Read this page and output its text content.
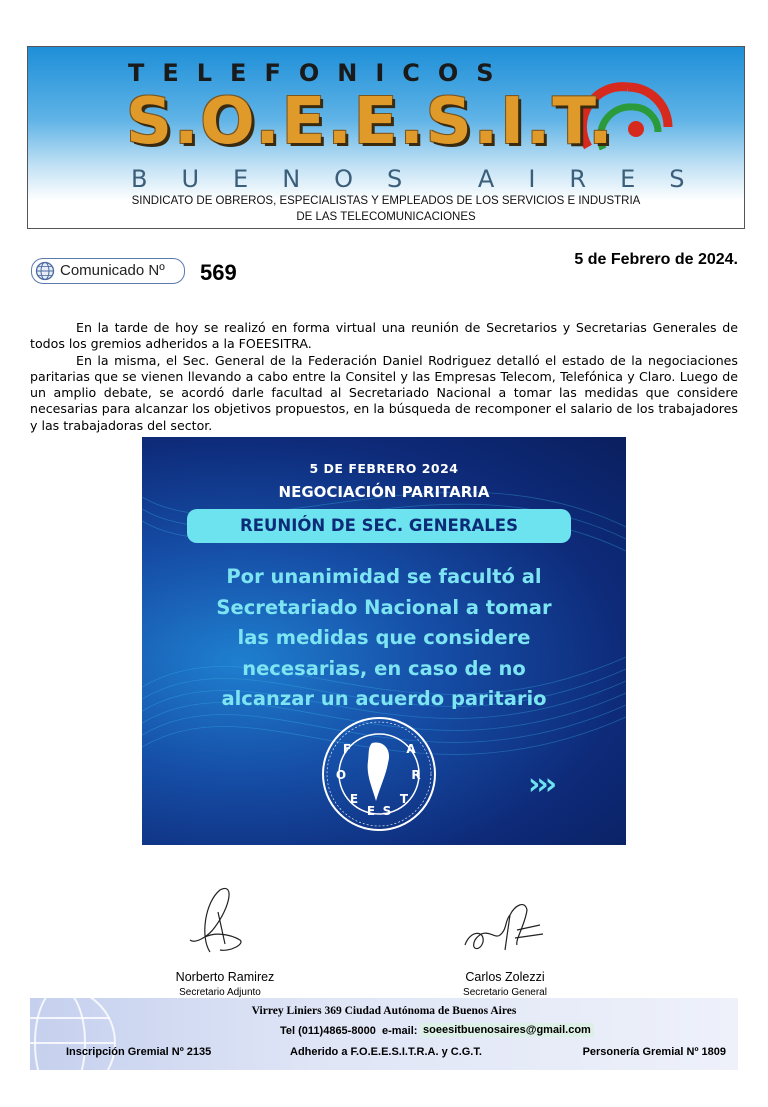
TELEFONICOS
S.O.E.E.S.I.T.
BUENOS AIRES
SINDICATO DE OBREROS, ESPECIALISTAS Y EMPLEADOS DE LOS SERVICIOS E INDUSTRIA
DE LAS TELECOMUNICACIONES
Comunicado Nº 569
5 de Febrero de 2024.

En la tarde de hoy se realizó en forma virtual una reunión de Secretarios y Secretarias Generales de todos los gremios adheridos a la FOEESITRA.

En la misma, el Sec. General de la Federación Daniel Rodriguez detalló el estado de la negociaciones paritarias que se vienen llevando a cabo entre la Consitel y las Empresas Telecom, Telefónica y Claro. Luego de un amplio debate, se acordó darle facultad al Secretariado Nacional a tomar las medidas que considere necesarias para alcanzar los objetivos propuestos, en la búsqueda de recomponer el salario de los trabajadores y las trabajadoras del sector.

5 DE FEBRERO 2024
NEGOCIACIÓN PARITARIA
REUNIÓN DE SEC. GENERALES
Por unanimidad se facultó al
Secretariado Nacional a tomar
las medidas que considere
necesarias, en caso de no
alcanzar un acuerdo paritario
F
O
E
E S
T
R
A
›››
Norberto Ramirez
Secretario Adjunto
Carlos Zolezzi
Secretario General
Virrey Liniers 369 Ciudad Autónoma de Buenos Aires
Tel (011)4865-8000 e-mail: soeesitbuenosaires@gmail.com
Inscripción Gremial Nº 2135	Adherido a F.O.E.E.S.I.T.R.A. y C.G.T.	Personería Gremial Nº 1809
